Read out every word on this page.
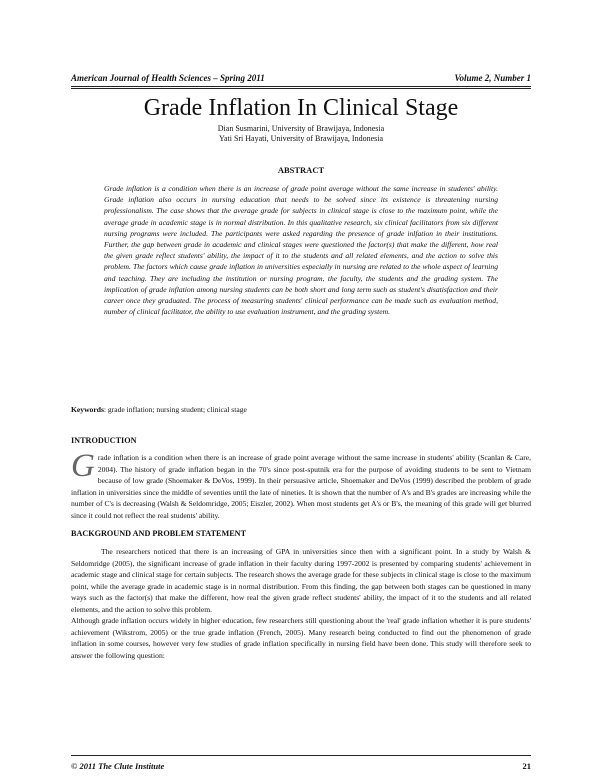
American Journal of Health Sciences – Spring 2011	Volume 2, Number 1
Grade Inflation In Clinical Stage
Dian Susmarini, University of Brawijaya, Indonesia
Yati Sri Hayati, University of Brawijaya, Indonesia
ABSTRACT
Grade inflation is a condition when there is an increase of grade point average without the same increase in students' ability. Grade inflation also occurs in nursing education that needs to be solved since its existence is threatening nursing professionalism. The case shows that the average grade for subjects in clinical stage is close to the maximum point, while the average grade in academic stage is in normal distribution. In this qualitative research, six clinical facilitators from six different nursing programs were included. The participants were asked regarding the presence of grade inlfation in their institutions. Further, the gap between grade in academic and clinical stages were questioned the factor(s) that make the different, how real the given grade reflect students' ability, the impact of it to the students and all related elements, and the action to solve this problem. The factors which cause grade inflation in universities especially in nursing are related to the whole aspect of learning and teaching. They are including the institution or nursing program, the faculty, the students and the grading system. The implication of grade inflation among nursing students can be both short and long term such as student's disatisfaction and their career once they graduated. The process of measuring students' clinical performance can be made such as evaluation method, number of clinical facilitator, the ability to use evaluation instrument, and the grading system.
Keywords: grade inflation; nursing student; clinical stage
INTRODUCTION
Grade inflation is a condition when there is an increase of grade point average without the same increase in students' ability (Scanlan & Care, 2004). The history of grade inflation began in the 70's since post-sputnik era for the purpose of avoiding students to be sent to Vietnam because of low grade (Shoemaker & DeVos, 1999). In their persuasive article, Shoemaker and DeVos (1999) described the problem of grade inflation in universities since the middle of seventies until the late of nineties. It is shown that the number of A's and B's grades are increasing while the number of C's is decreasing (Walsh & Seldomridge, 2005; Eiszler, 2002). When most students get A's or B's, the meaning of this grade will get blurred since it could not reflect the real students' ability.
BACKGROUND AND PROBLEM STATEMENT

The researchers noticed that there is an increasing of GPA in universities since then with a significant point. In a study by Walsh & Seldomridge (2005), the significant increase of grade inflation in their faculty during 1997-2002 is presented by comparing students' achievement in academic stage and clinical stage for certain subjects. The research shows the average grade for these subjects in clinical stage is close to the maximum point, while the average grade in academic stage is in normal distribution. From this finding, the gap between both stages can be questioned in many ways such as the factor(s) that make the different, how real the given grade reflect students' ability, the impact of it to the students and all related elements, and the action to solve this problem.

Although grade inflation occurs widely in higher education, few researchers still questioning about the 'real' grade inflation whether it is pure students' achievement (Wikstrom, 2005) or the true grade inflation (French, 2005). Many research being conducted to find out the phenomenon of grade inflation in some courses, however very few studies of grade inflation specifically in nursing field have been done. This study will therefore seek to answer the following question:

© 2011 The Clute Institute	21
